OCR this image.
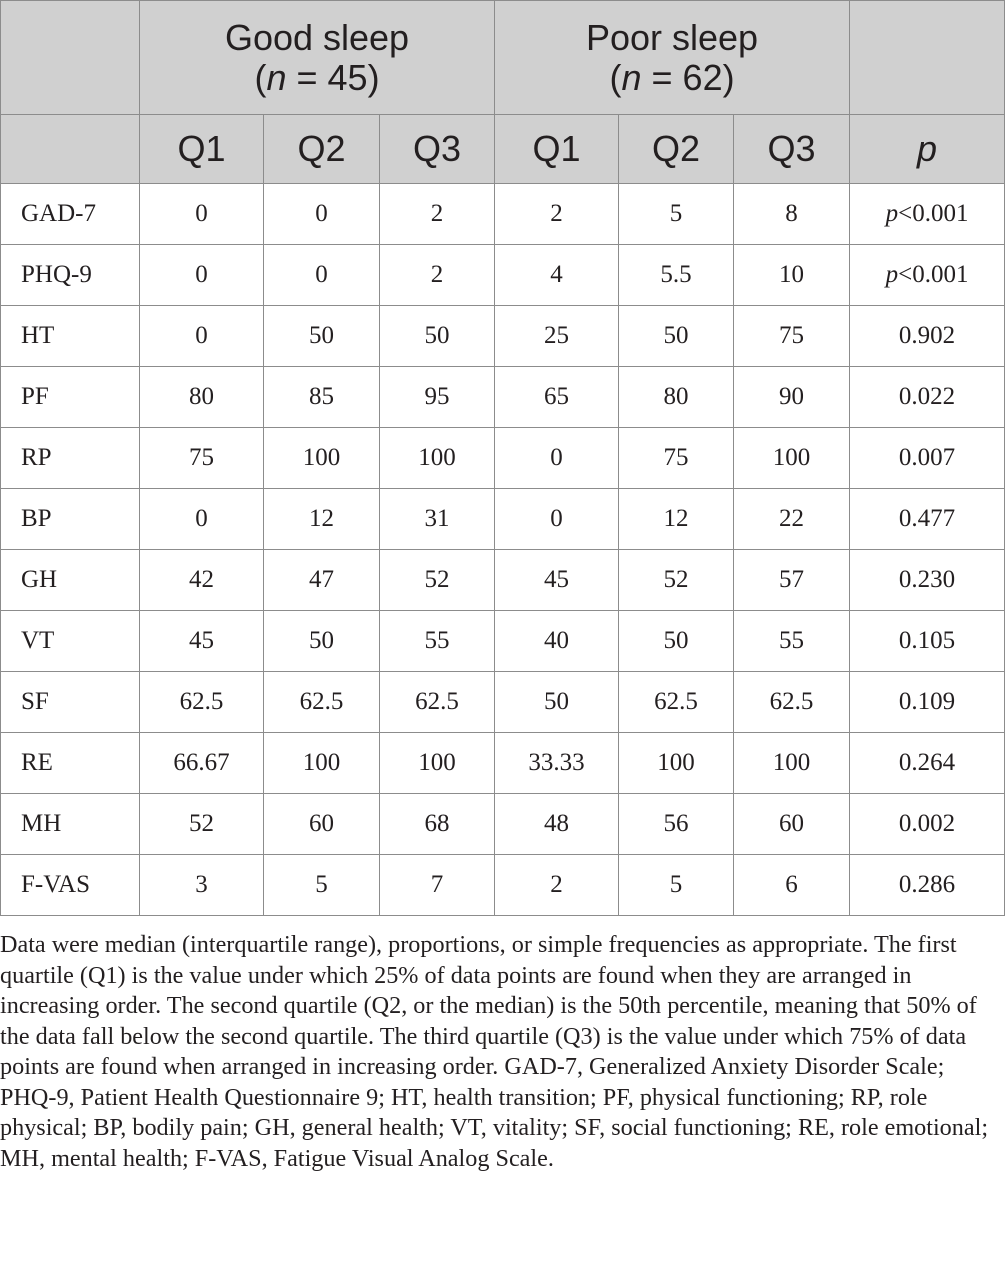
	Good sleep
(n = 45)			Poor sleep
(n = 62)			
	Q1	Q2	Q3	Q1	Q2	Q3	p
GAD-7	0	0	2	2	5	8	p<0.001
PHQ-9	0	0	2	4	5.5	10	p<0.001
HT	0	50	50	25	50	75	0.902
PF	80	85	95	65	80	90	0.022
RP	75	100	100	0	75	100	0.007
BP	0	12	31	0	12	22	0.477
GH	42	47	52	45	52	57	0.230
VT	45	50	55	40	50	55	0.105
SF	62.5	62.5	62.5	50	62.5	62.5	0.109
RE	66.67	100	100	33.33	100	100	0.264
MH	52	60	68	48	56	60	0.002
F-VAS	3	5	7	2	5	6	0.286

Data were median (interquartile range), proportions, or simple frequencies as appropriate. The first quartile (Q1) is the value under which 25% of data points are found when they are arranged in increasing order. The second quartile (Q2, or the median) is the 50th percentile, meaning that 50% of the data fall below the second quartile. The third quartile (Q3) is the value under which 75% of data points are found when arranged in increasing order. GAD-7, Generalized Anxiety Disorder Scale; PHQ-9, Patient Health Questionnaire 9; HT, health transition; PF, physical functioning; RP, role physical; BP, bodily pain; GH, general health; VT, vitality; SF, social functioning; RE, role emotional; MH, mental health; F-VAS, Fatigue Visual Analog Scale.
